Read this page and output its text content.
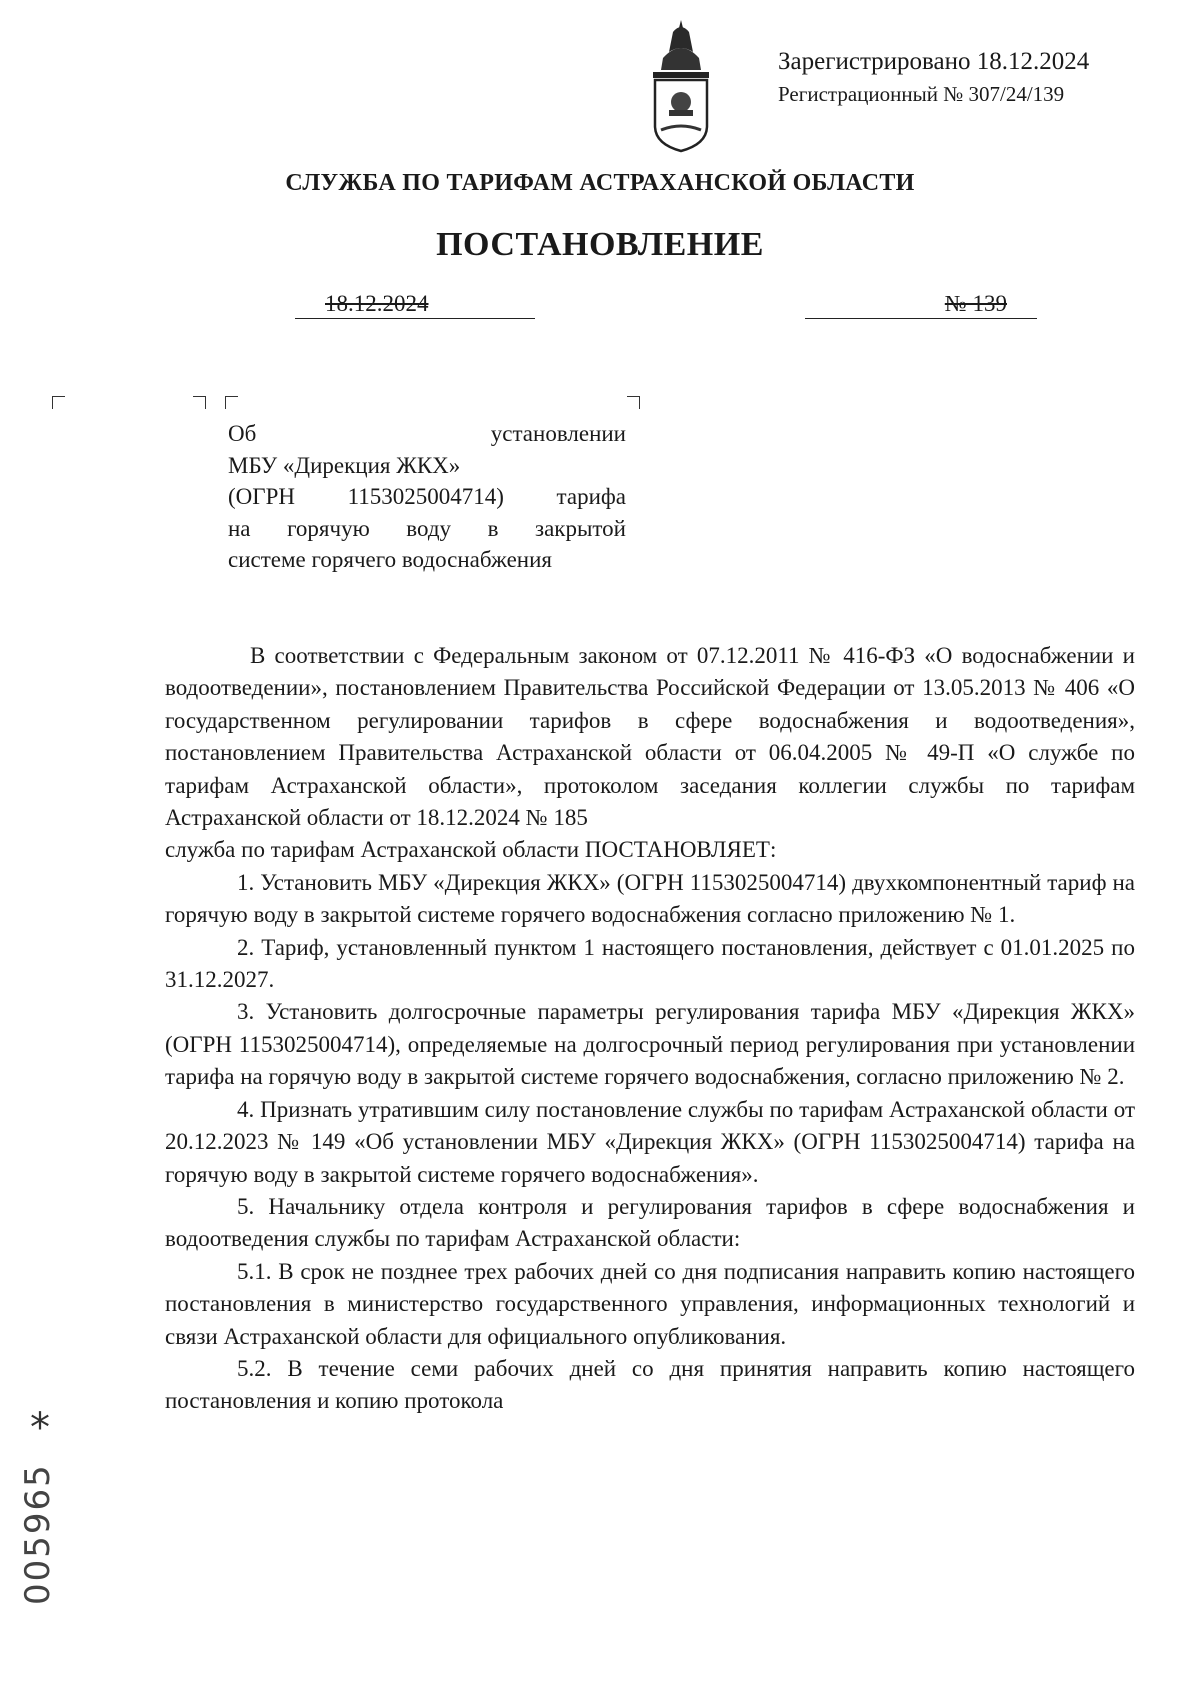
Зарегистрировано 18.12.2024
Регистрационный № 307/24/139
СЛУЖБА ПО ТАРИФАМ АСТРАХАНСКОЙ ОБЛАСТИ
ПОСТАНОВЛЕНИЕ
18.12.2024	№ 139
Об установлении
МБУ «Дирекция ЖКХ»
(ОГРН 1153025004714) тарифа
на горячую воду в закрытой
системе горячего водоснабжения

В соответствии с Федеральным законом от 07.12.2011 № 416-ФЗ «О водоснабжении и водоотведении», постановлением Правительства Российской Федерации от 13.05.2013 № 406 «О государственном регулировании тарифов в сфере водоснабжения и водоотведения», постановлением Правительства Астраханской области от 06.04.2005 № 49-П «О службе по тарифам Астраханской области», протоколом заседания коллегии службы по тарифам Астраханской области от 18.12.2024 № 185

служба по тарифам Астраханской области ПОСТАНОВЛЯЕТ:

1. Установить МБУ «Дирекция ЖКХ» (ОГРН 1153025004714) двухкомпонентный тариф на горячую воду в закрытой системе горячего водоснабжения согласно приложению № 1.

2. Тариф, установленный пунктом 1 настоящего постановления, действует с 01.01.2025 по 31.12.2027.

3. Установить долгосрочные параметры регулирования тарифа МБУ «Дирекция ЖКХ» (ОГРН 1153025004714), определяемые на долгосрочный период регулирования при установлении тарифа на горячую воду в закрытой системе горячего водоснабжения, согласно приложению № 2.

4. Признать утратившим силу постановление службы по тарифам Астраханской области от 20.12.2023 № 149 «Об установлении МБУ «Дирекция ЖКХ» (ОГРН 1153025004714) тарифа на горячую воду в закрытой системе горячего водоснабжения».

5. Начальнику отдела контроля и регулирования тарифов в сфере водоснабжения и водоотведения службы по тарифам Астраханской области:

5.1. В срок не позднее трех рабочих дней со дня подписания направить копию настоящего постановления в министерство государственного управления, информационных технологий и связи Астраханской области для официального опубликования.

5.2. В течение семи рабочих дней со дня принятия направить копию настоящего постановления и копию протокола

*
005965
